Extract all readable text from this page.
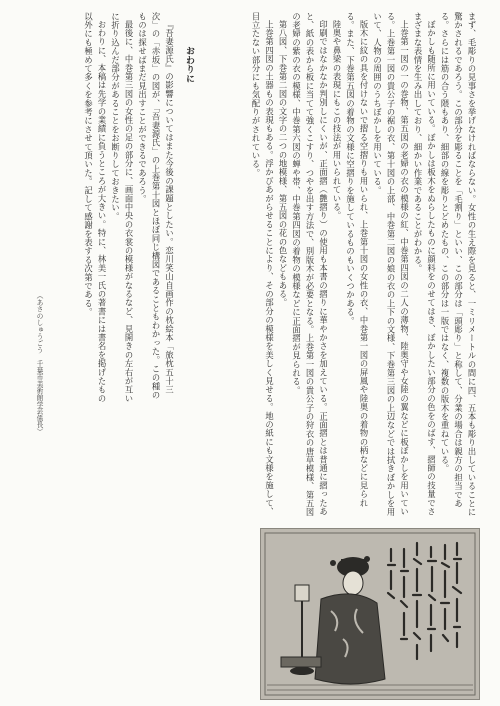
まず、毛彫りの見事さを挙げなければならない。女性の生え際を見ると、一ミリメートルの間に四、五本も彫り出していることに驚かされるであろう。この部分を彫ることを「毛割り」といい、この部分は「頭彫り」と称して、分業の場合は親方の担当である。さらには筋の合う隈もあり、細部の線を彫りとどめたもの、この部分は一版ではなく、複数の版木を重ねている。

ぼかしも随所に用いている。ぼかしは板木をぬらしたものに顔料をのせてはき、ぼかしたい部分の色をのばす、摺師の技量でさまざまな表情を生み出しており、細かい作業であることがわかる。

上巻第一図の一の巻物、第五図の老婦の衣の模様の紅、中巻第四図の二人の薄物、陸奥守や女陸の翼などに板ぼかしを用いている。上巻第一図の貴公子の裾の衣、第十図の上部、中巻第二図の娘の衣の上下の文様、下巻第三図の上辺などでは拭きぼかしを用いて、人物の周囲のうちぼかしを用いている。

版木に紋の具を付けないで摺る空摺りも用いられ、上巻第十図の女性の衣、中巻第一図の屏風や陸奥の着物の柄などに見られる。また、下巻第五図の着物の文様に空摺りを施しているものもいくつかある。

陸奥や鼻梁の表現にもこの技法が用いられている。

印刷ではなかなか判別しにくいが、正面摺（艶摺り）の使用も本書の摺りに華やかさを加えている。正面摺とは普通に摺ったあと、紙の表から板に当てて強くこすり、つやを出す方法で、別版木が必要となる。上巻第一図の貴公子の狩衣の唐草模様、第五図の老婦の紫の衣の模様、中巻第六図の蝉や帯、中巻第四図の着物の模様などに正面摺が見られる。

第八図、下巻第二図の文字の二つの地模様、第五図の花の色などもある。

上巻第四図の土器もの表現もある。浮かびあがらせることにより、その部分の模様を美しく見せる。地の紙にも文様を施して、目立たない部分にも気配りがされている。

おわりに

『吾妻源氏』の影響についてはまた今後の課題としたい。恋川笑山自画作の枕絵本「旅枕五十三次」の「赤坂」の図が、「吾妻源氏」の上巻第十図とほぼ同じ構図であることもわかった。この種のものは探せばまだ見出すことができるであろう。

最後に、中巻第三図の女性の足の部分に、画面中央の衣裳の模様がなるなど、見開きの左右が互いに折り込んだ部分があることをお断りしておきたい。

おわりに、本稿は先学の業績に負うところが大きい。特に、林美一氏の著書には書名を掲げたもの以外にも極めて多くを参考にさせて頂いた。記して感謝を表する次第である。

（あさのしゅうごう　千葉市美術館学芸係長）
